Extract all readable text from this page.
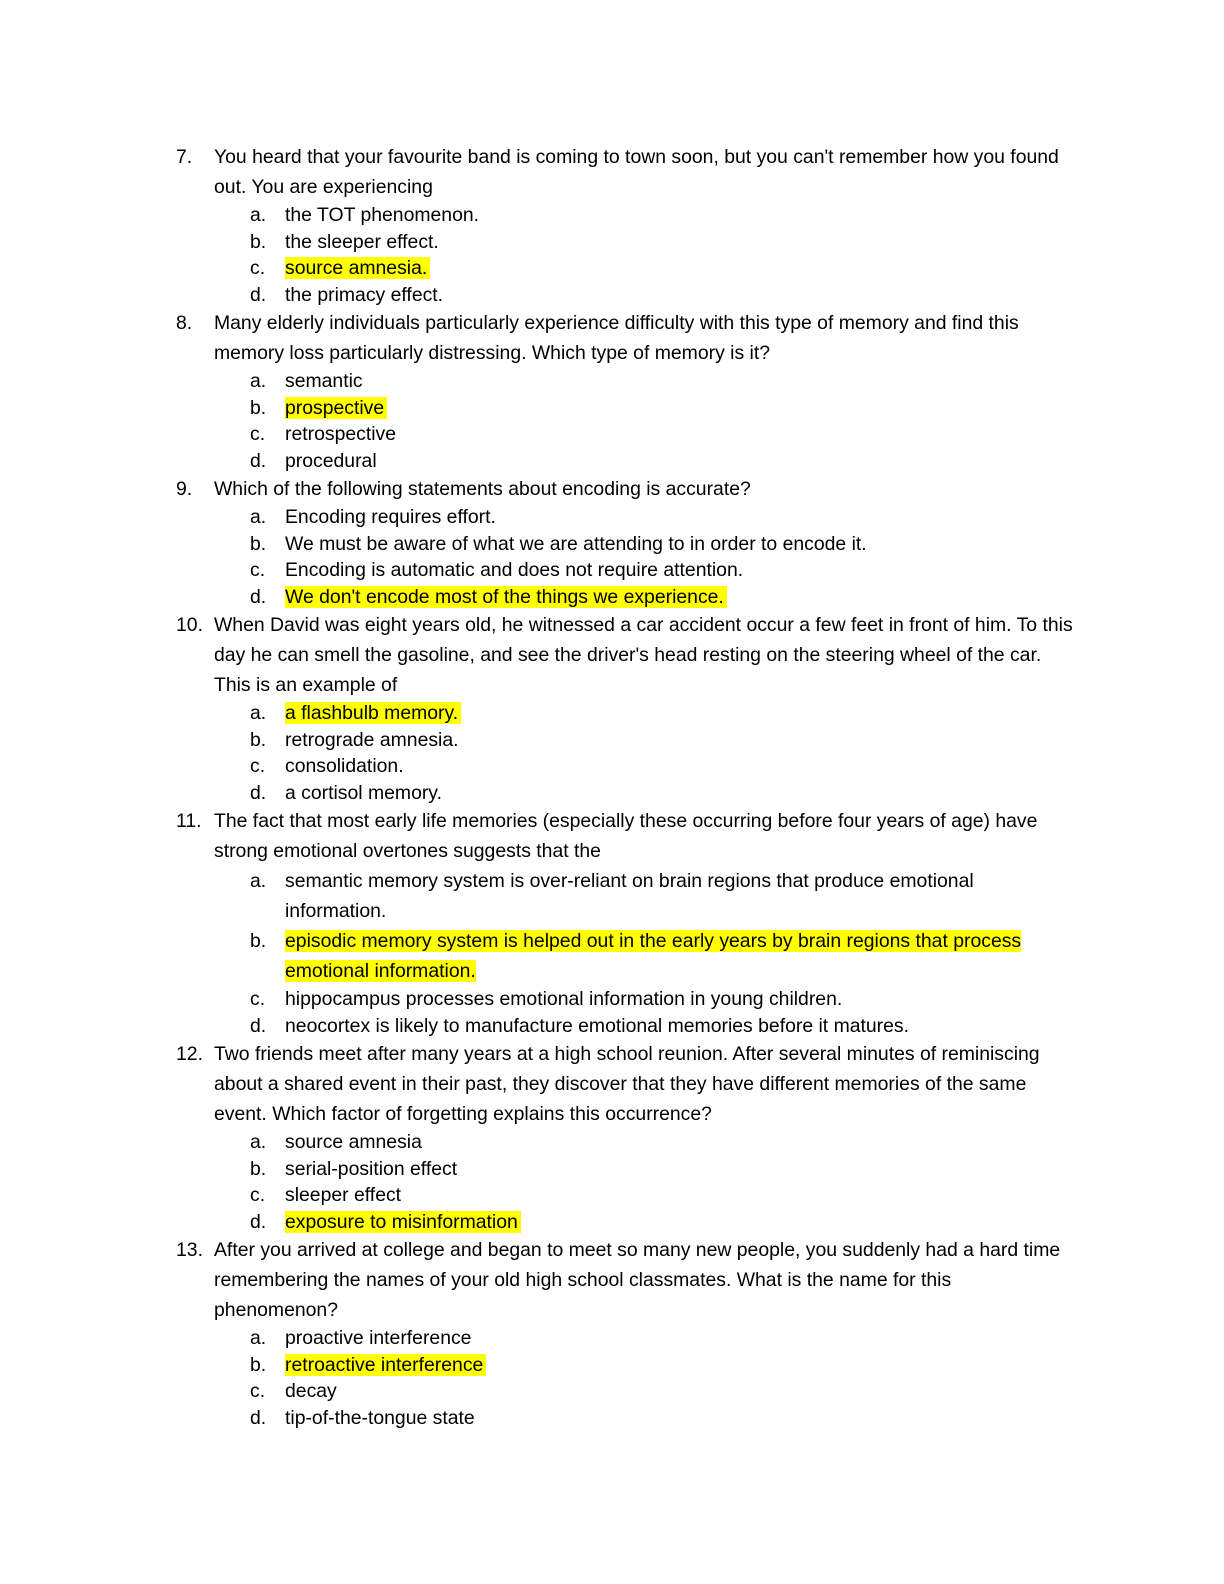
7. You heard that your favourite band is coming to town soon, but you can't remember how you found out. You are experiencing
a. the TOT phenomenon.
b. the sleeper effect.
c. source amnesia.
d. the primacy effect.
8. Many elderly individuals particularly experience difficulty with this type of memory and find this memory loss particularly distressing. Which type of memory is it?
a. semantic
b. prospective
c. retrospective
d. procedural
9. Which of the following statements about encoding is accurate?
a. Encoding requires effort.
b. We must be aware of what we are attending to in order to encode it.
c. Encoding is automatic and does not require attention.
d. We don't encode most of the things we experience.
10. When David was eight years old, he witnessed a car accident occur a few feet in front of him. To this day he can smell the gasoline, and see the driver's head resting on the steering wheel of the car. This is an example of
a. a flashbulb memory.
b. retrograde amnesia.
c. consolidation.
d. a cortisol memory.
11. The fact that most early life memories (especially these occurring before four years of age) have strong emotional overtones suggests that the
a. semantic memory system is over-reliant on brain regions that produce emotional information.
b. episodic memory system is helped out in the early years by brain regions that process emotional information.
c. hippocampus processes emotional information in young children.
d. neocortex is likely to manufacture emotional memories before it matures.
12. Two friends meet after many years at a high school reunion. After several minutes of reminiscing about a shared event in their past, they discover that they have different memories of the same event. Which factor of forgetting explains this occurrence?
a. source amnesia
b. serial-position effect
c. sleeper effect
d. exposure to misinformation
13. After you arrived at college and began to meet so many new people, you suddenly had a hard time remembering the names of your old high school classmates. What is the name for this phenomenon?
a. proactive interference
b. retroactive interference
c. decay
d. tip-of-the-tongue state
